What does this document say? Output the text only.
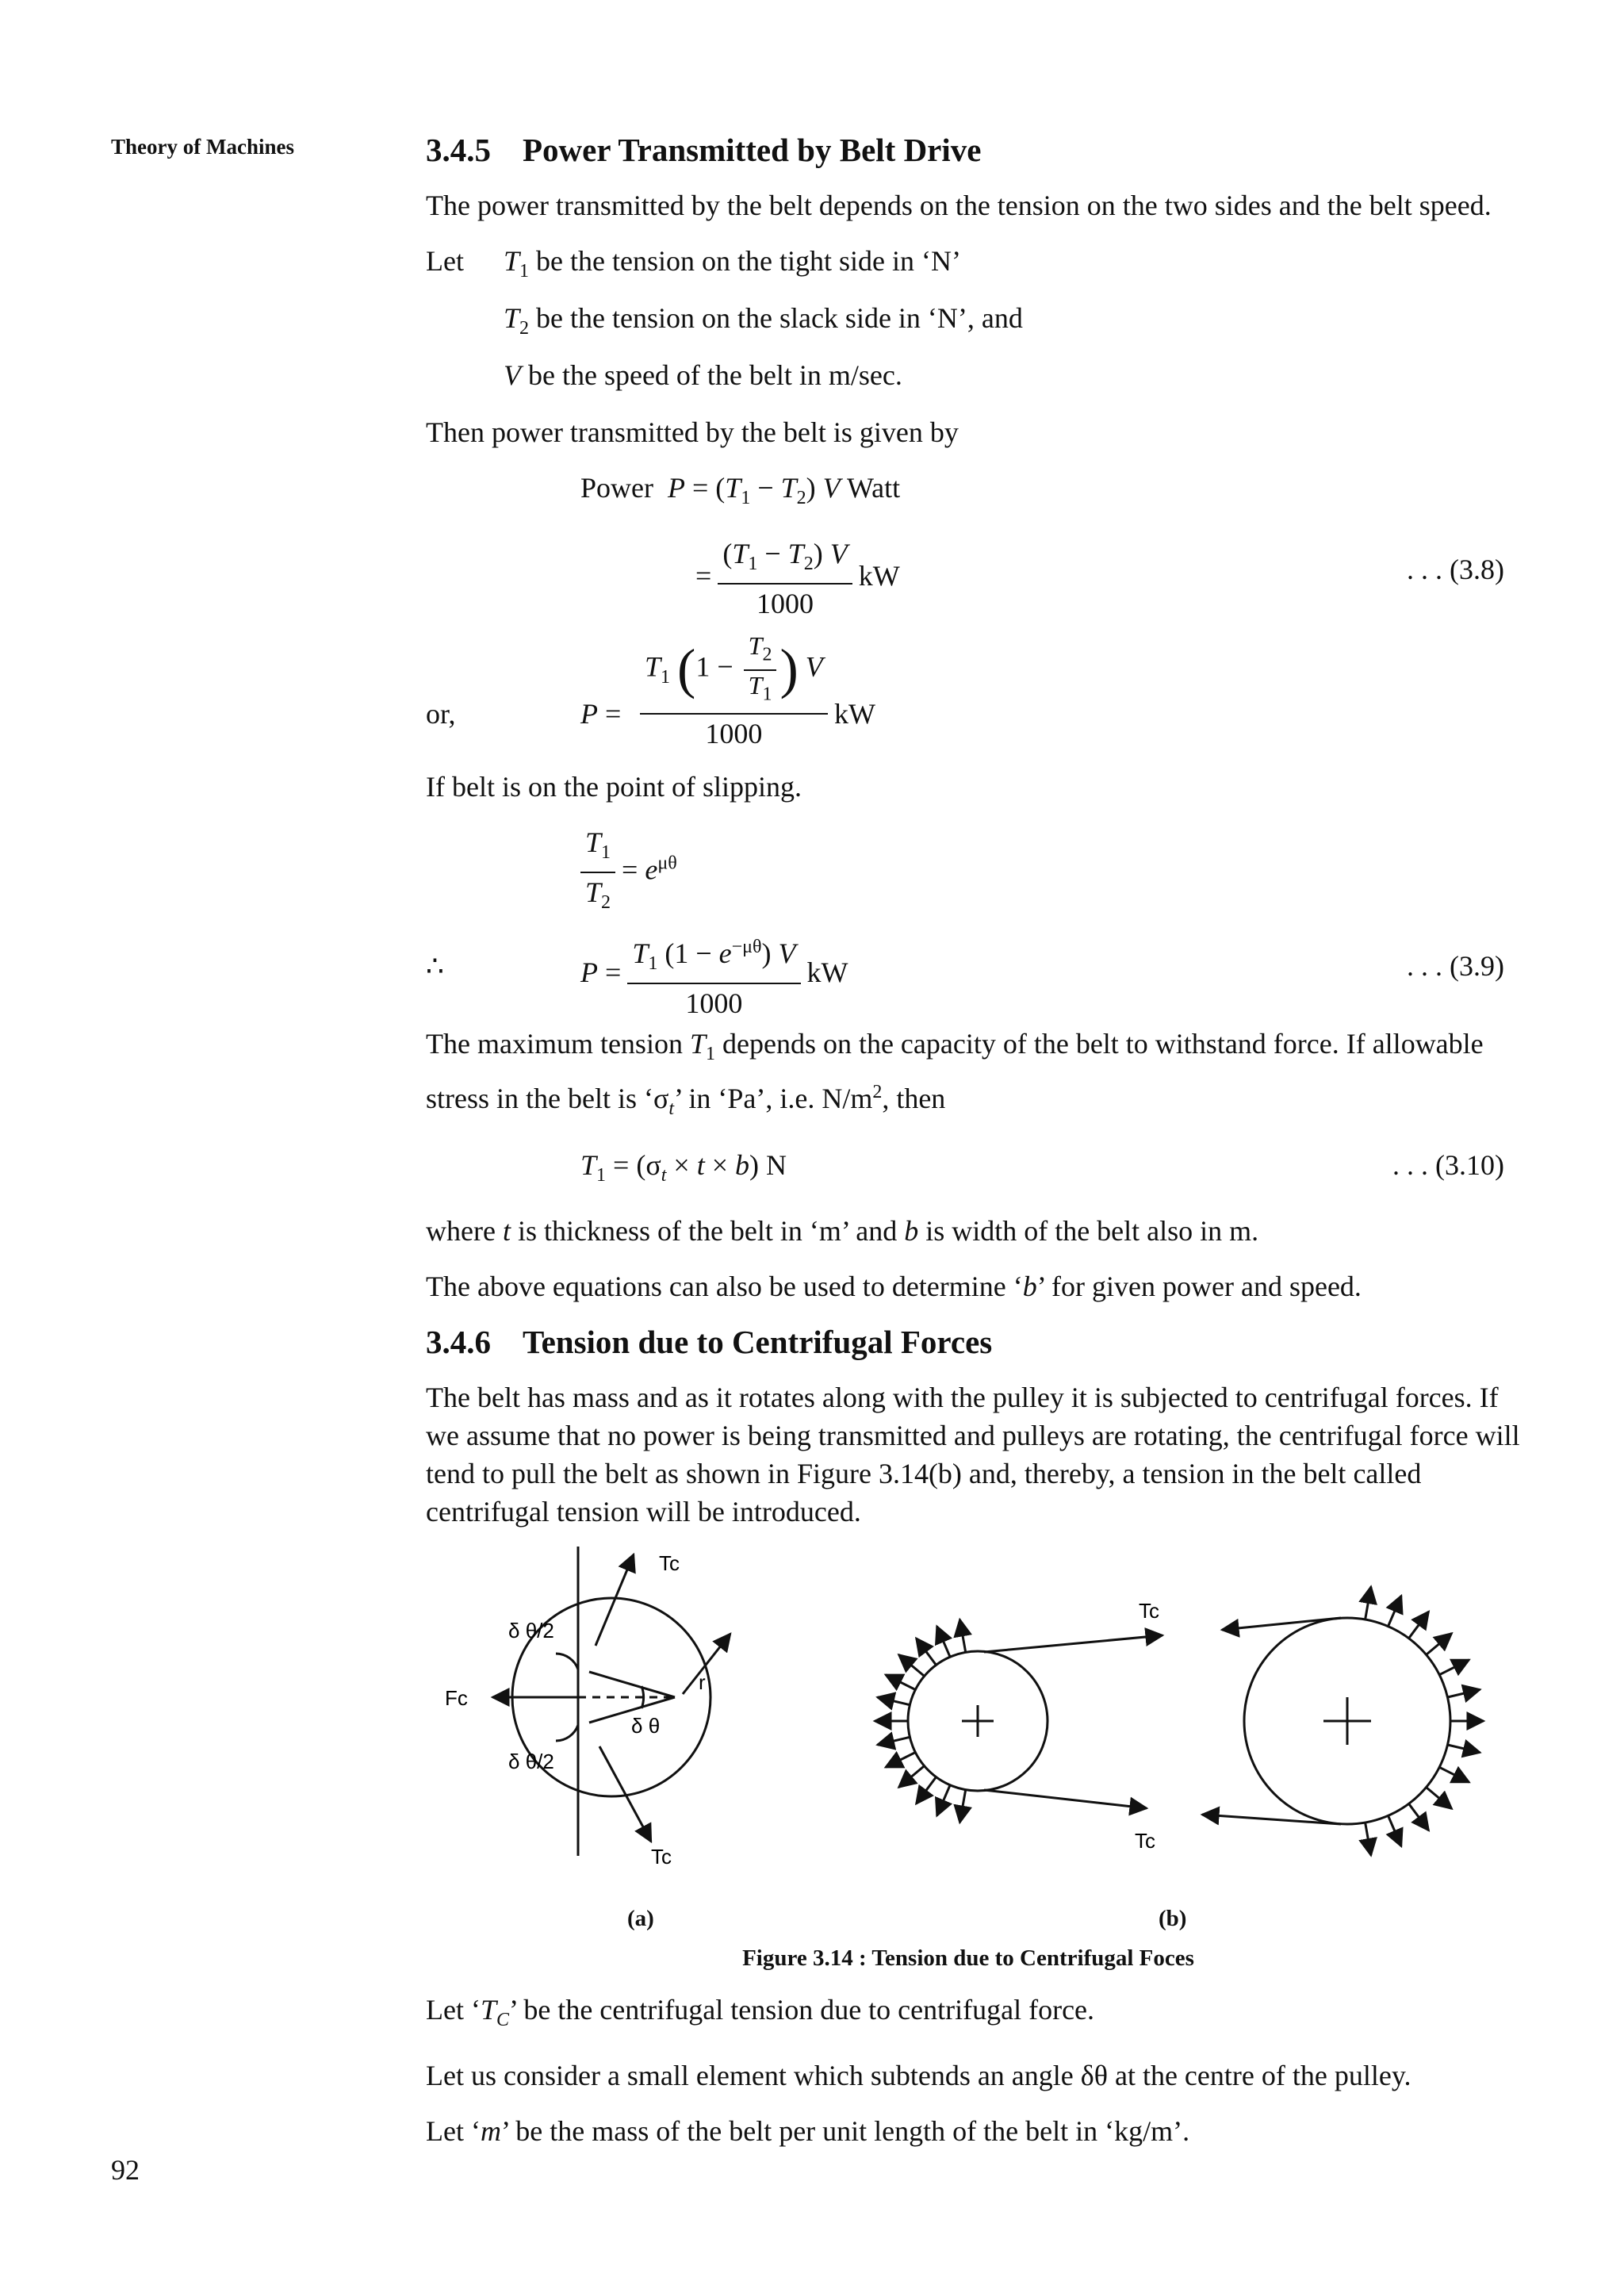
Theory of Machines
92
3.4.5 Power Transmitted by Belt Drive
The power transmitted by the belt depends on the tension on the two sides and the belt speed.
Let $T_1$ be the tension on the tight side in ‘N’
$T_2$ be the tension on the slack side in ‘N’, and
V be the speed of the belt in m/sec.
Then power transmitted by the belt is given by
Power $P = (T_1 - T_2)$ V Watt
= $\frac{(T_1 - T_2) V}{1000}$ kW	. . . (3.8)
or,	$P = \frac{T_1 (1 - \frac{T_2}{T_1} ) V}{1000}$ kW
If belt is on the point of slipping.
$\frac{T_1}{T_2} = e^{\mu\theta}$
∴	$P = \frac{T_1 (1 - e^{-\mu\theta}) V}{1000}$ kW	. . . (3.9)
The maximum tension $T_1$ depends on the capacity of the belt to withstand force. If allowable stress in the belt is ‘$\sigma_t$’ in ‘Pa’, i.e. $N/m^2$, then
$T_1 = (\sigma_t \times t \times b)$ N	. . . (3.10)
where t is thickness of the belt in ‘m’ and b is width of the belt also in m.
The above equations can also be used to determine ‘b’ for given power and speed.
3.4.6 Tension due to Centrifugal Forces
The belt has mass and as it rotates along with the pulley it is subjected to centrifugal forces. If we assume that no power is being transmitted and pulleys are rotating, the centrifugal force will tend to pull the belt as shown in Figure 3.14(b) and, thereby, a tension in the belt called centrifugal tension will be introduced.
Tc
δ θ/2
r
Fc
δ θ
δ θ/2
Tc
Tc
Tc
(a)	(b)
Figure 3.14 : Tension due to Centrifugal Foces
Let ‘$T_C$’ be the centrifugal tension due to centrifugal force.
Let us consider a small element which subtends an angle δθ at the centre of the pulley.
Let ‘m’ be the mass of the belt per unit length of the belt in ‘kg/m’.
